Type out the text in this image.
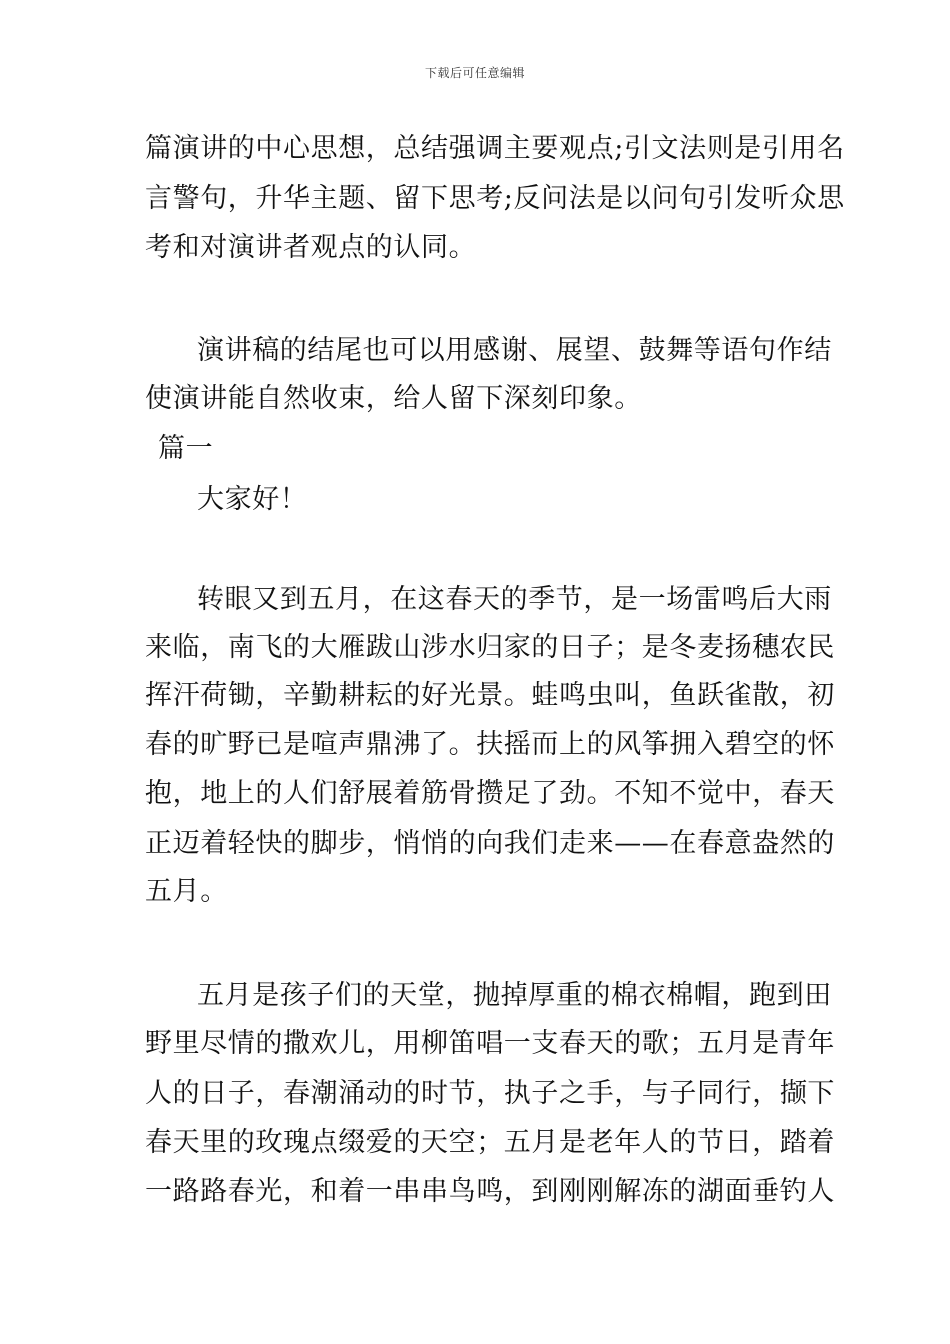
下载后可任意编辑
篇演讲的中心思想，总结强调主要观点;引文法则是引用名
言警句，升华主题、留下思考;反问法是以问句引发听众思
考和对演讲者观点的认同。
演讲稿的结尾也可以用感谢、展望、鼓舞等语句作结
使演讲能自然收束，给人留下深刻印象。
篇一
大家好！
转眼又到五月，在这春天的季节，是一场雷鸣后大雨
来临，南飞的大雁跋山涉水归家的日子；是冬麦扬穗农民
挥汗荷锄，辛勤耕耘的好光景。蛙鸣虫叫，鱼跃雀散，初
春的旷野已是喧声鼎沸了。扶摇而上的风筝拥入碧空的怀
抱，地上的人们舒展着筋骨攒足了劲。不知不觉中，春天
正迈着轻快的脚步，悄悄的向我们走来——在春意盎然的
五月。
五月是孩子们的天堂，抛掉厚重的棉衣棉帽，跑到田
野里尽情的撒欢儿，用柳笛唱一支春天的歌；五月是青年
人的日子，春潮涌动的时节，执子之手，与子同行，撷下
春天里的玫瑰点缀爱的天空；五月是老年人的节日，踏着
一路路春光，和着一串串鸟鸣，到刚刚解冻的湖面垂钓人
